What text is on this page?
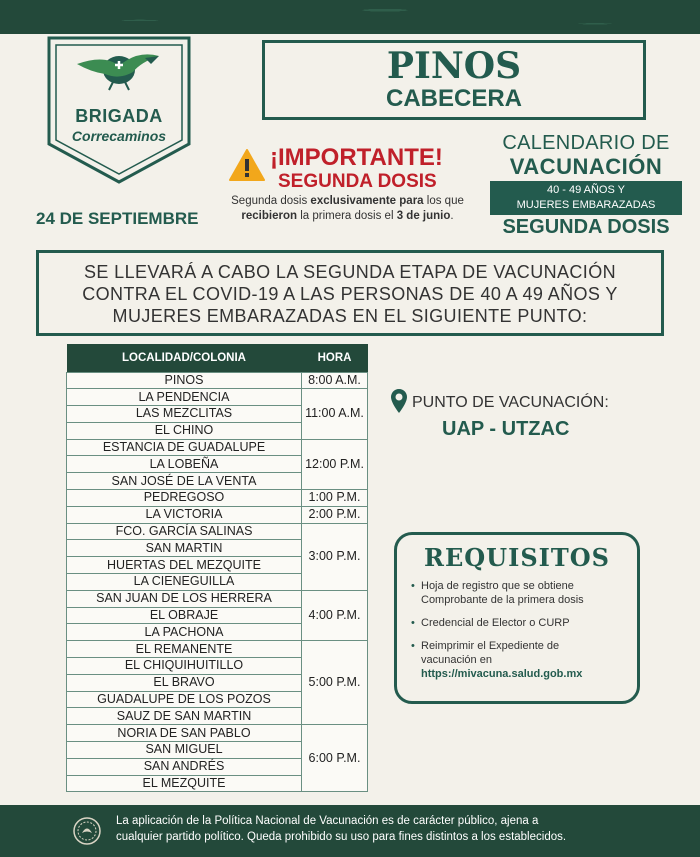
BRIGADA
Correcaminos
PINOS
CABECERA
¡IMPORTANTE!
SEGUNDA DOSIS
Segunda dosis exclusivamente para los que recibieron la primera dosis el 3 de junio.
24 DE SEPTIEMBRE
CALENDARIO DE
VACUNACIÓN
40 - 49 AÑOS Y
MUJERES EMBARAZADAS
SEGUNDA DOSIS
SE LLEVARÁ A CABO LA SEGUNDA ETAPA DE VACUNACIÓN
CONTRA EL COVID-19 A LAS PERSONAS DE 40 A 49 AÑOS Y
MUJERES EMBARAZADAS EN EL SIGUIENTE PUNTO:
LOCALIDAD/COLONIA	HORA
PINOS	8:00 A.M.
LA PENDENCIA	11:00 A.M.
LAS MEZCLITAS	
EL CHINO	
ESTANCIA DE GUADALUPE	12:00 P.M.
LA LOBEÑA	
SAN JOSÉ DE LA VENTA	
PEDREGOSO	1:00 P.M.
LA VICTORIA	2:00 P.M.
FCO. GARCÍA SALINAS	3:00 P.M.
SAN MARTIN	
HUERTAS DEL MEZQUITE	
LA CIENEGUILLA	
SAN JUAN DE LOS HERRERA	4:00 P.M.
EL OBRAJE	
LA PACHONA	
EL REMANENTE	5:00 P.M.
EL CHIQUIHUITILLO	
EL BRAVO	
GUADALUPE DE LOS POZOS	
SAUZ DE SAN MARTIN	
NORIA DE SAN PABLO	6:00 P.M.
SAN MIGUEL	
SAN ANDRÉS	
EL MEZQUITE	
PUNTO DE VACUNACIÓN:
UAP - UTZAC
REQUISITOS
• Hoja de registro que se obtiene
Comprobante de la primera dosis
• Credencial de Elector o CURP
• Reimprimir el Expediente de
vacunación en
https://mivacuna.salud.gob.mx
La aplicación de la Política Nacional de Vacunación es de carácter público, ajena a
cualquier partido político. Queda prohibido su uso para fines distintos a los establecidos.
